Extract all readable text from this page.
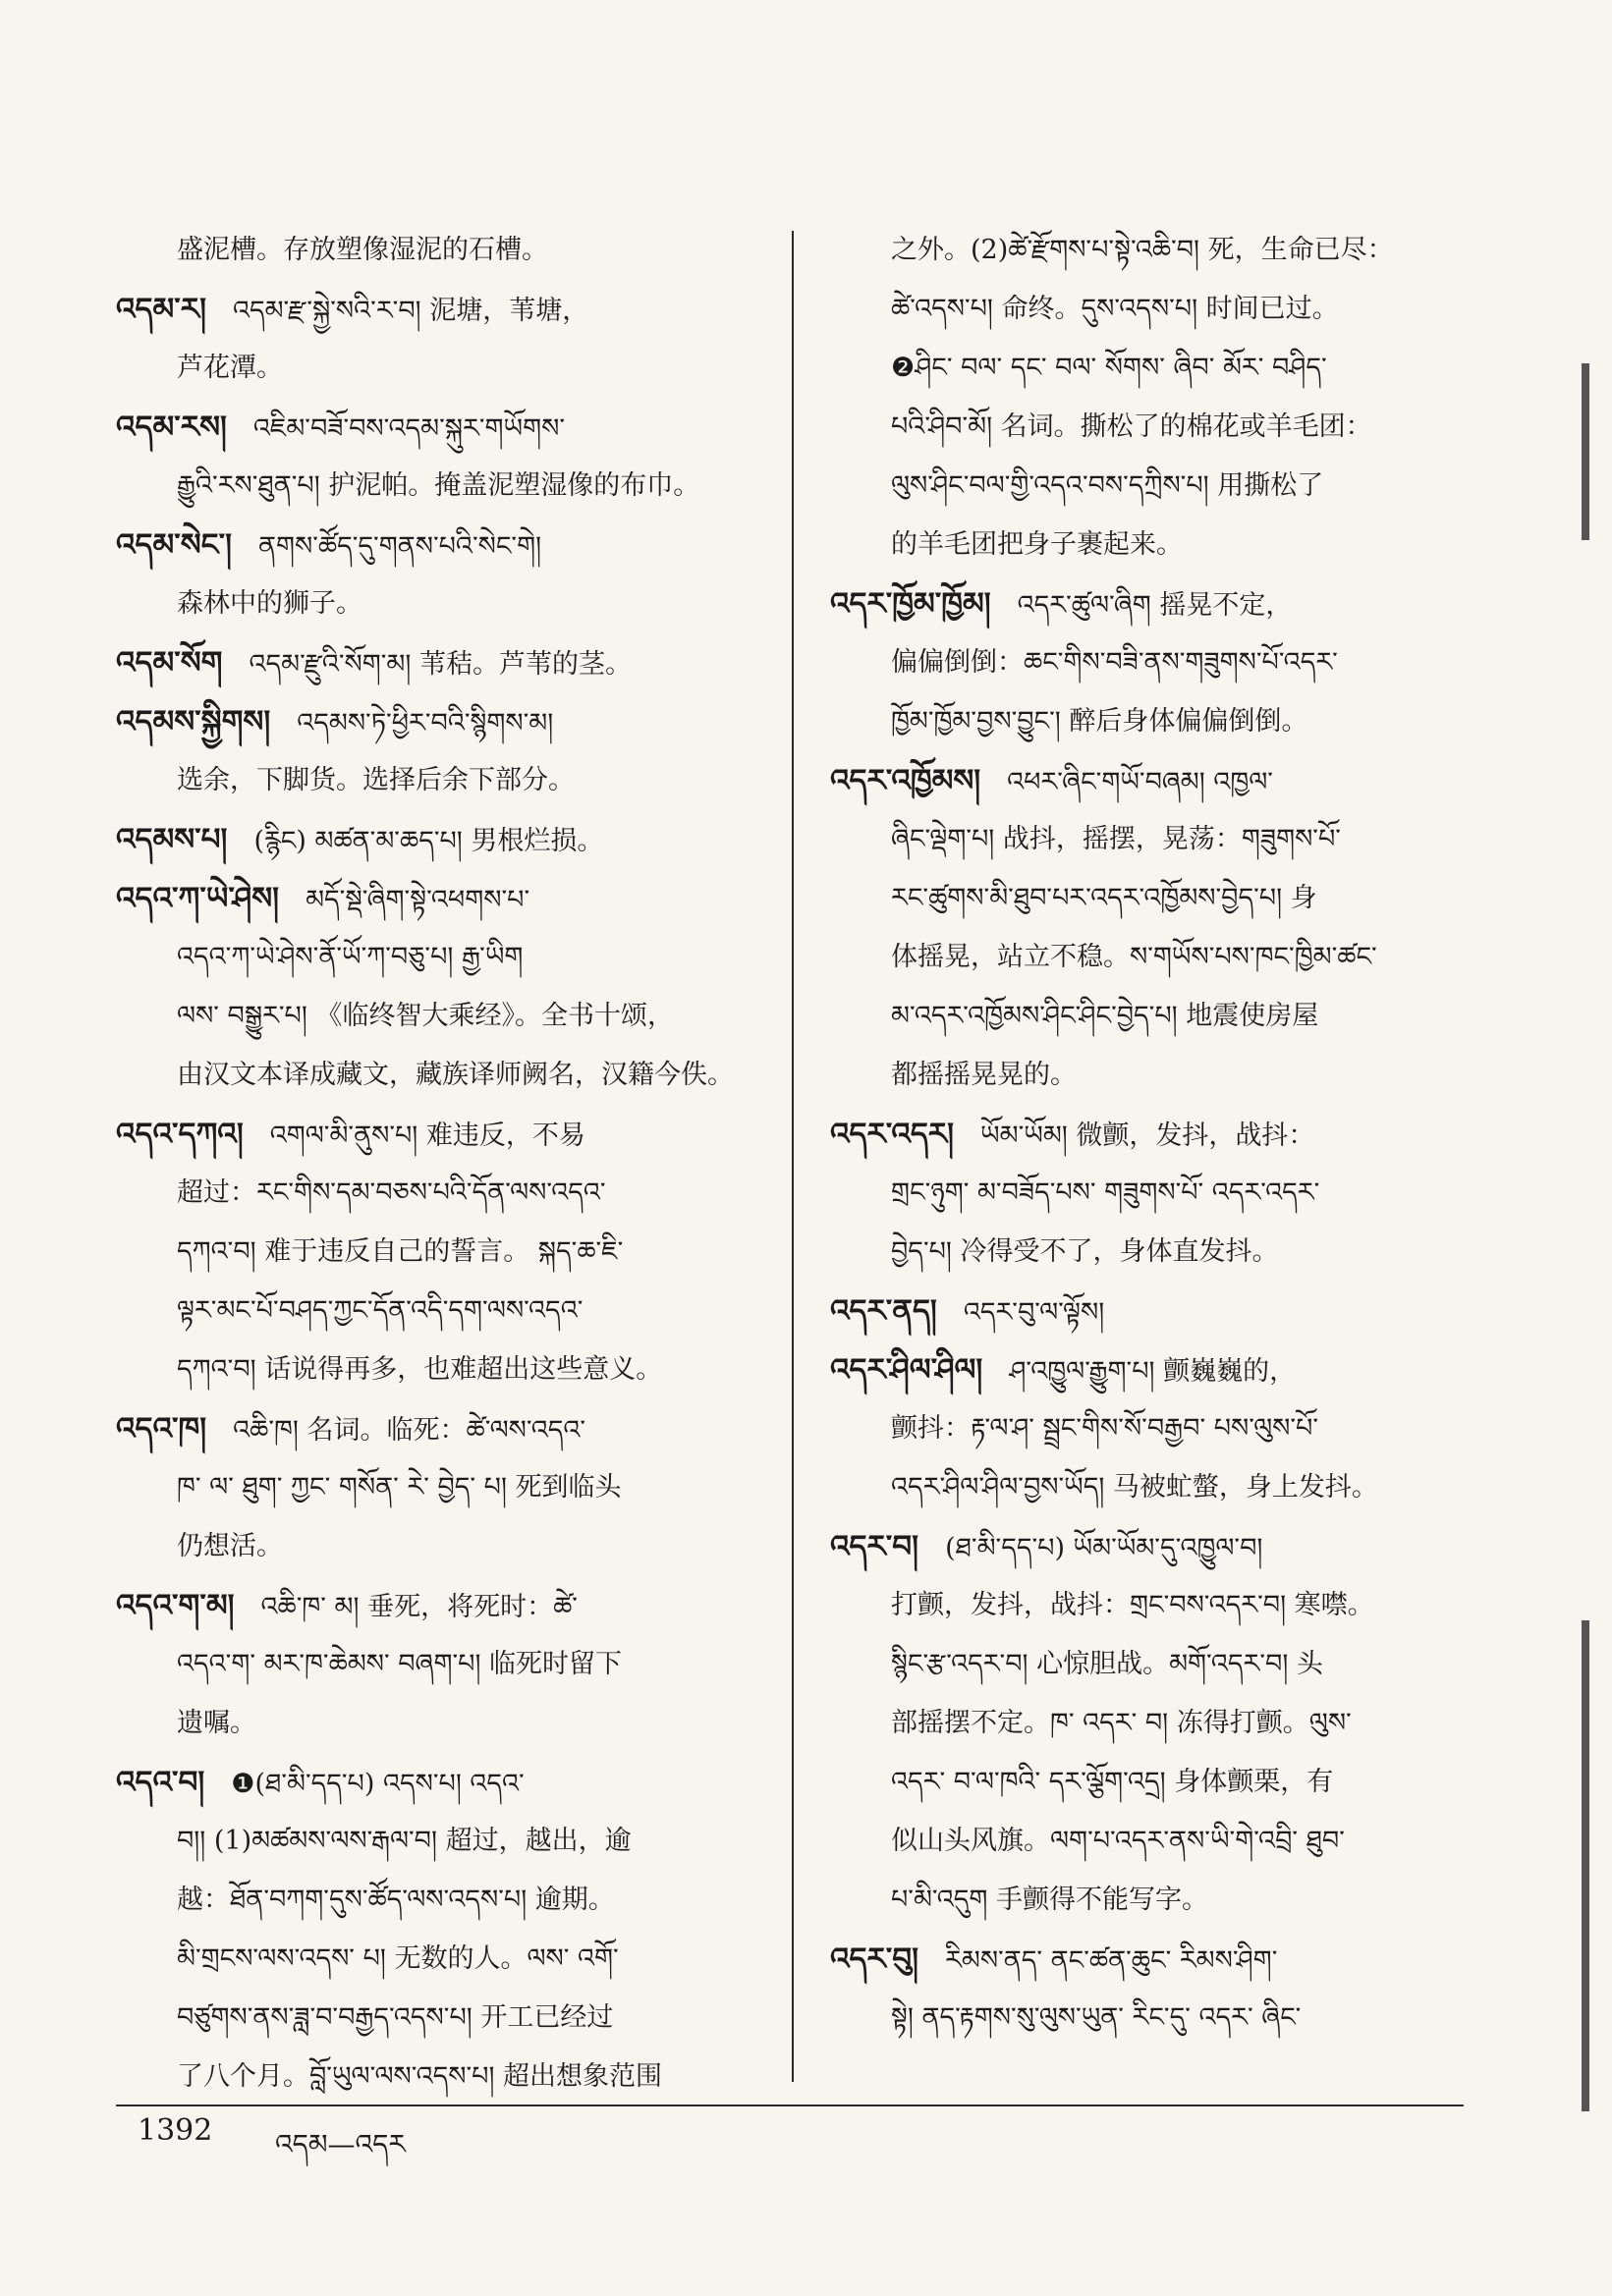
盛泥槽。存放塑像湿泥的石槽。
འདམ་ར།  འདམ་རྫ་སྐྱེ་སའི་ར་བ། 泥塘，苇塘，
芦花潭。
འདམ་རས།  འཇིམ་བཟོ་བས་འདམ་སྐུར་གཡོགས་
རྒྱུའི་རས་ཐུན་པ། 护泥帕。掩盖泥塑湿像的布巾。
འདམ་སེང་།  ནགས་ཚོད་དུ་གནས་པའི་སེང་གེ།
森林中的狮子。
འདམ་སོག  འདམ་རྫུའི་སོག་མ། 苇秸。芦苇的茎。
འདམས་སྐྱིགས།  འདམས་ཏེ་ཕྱིར་བའི་སྙིགས་མ།
选余，下脚货。选择后余下部分。
འདམས་པ།  (རྙིང) མཚན་མ་ཆད་པ། 男根烂损。
འདའ་ཀ་ཡེ་ཤེས།  མདོ་སྡེ་ཞིག་སྟེ་འཕགས་པ་
འདའ་ཀ་ཡེ་ཤེས་ནོ་ཡོ་ཀ་བཅུ་པ། རྒྱ་ཡིག
ལས་ བསྒྱུར་པ། 《临终智大乘经》。全书十颂，
由汉文本译成藏文，藏族译师阙名，汉籍今佚。
འདའ་དཀའ།  འགལ་མི་ནུས་པ། 难违反，不易
超过：རང་གིས་དམ་བཅས་པའི་དོན་ལས་འདའ་
དཀའ་བ། 难于违反自己的誓言。 སྐད་ཆ་ཇི་
ལྟར་མང་པོ་བཤད་ཀྱང་དོན་འདི་དག་ལས་འདའ་
དཀའ་བ། 话说得再多，也难超出这些意义。
འདའ་ཁ།  འཆི་ཁ། 名词。临死：ཚེ་ལས་འདའ་
ཁ་ ལ་ ཐུག་ ཀྱང་ གསོན་ རེ་ བྱེད་ པ། 死到临头
仍想活。
འདའ་ག་མ།  འཆི་ཁ་ མ། 垂死，将死时：ཚེ་
འདའ་ག་ མར་ཁ་ཆེམས་ བཞག་པ། 临死时留下
遗嘱。
འདའ་བ།  ❶(ཐ་མི་དད་པ) འདས་པ། འདའ་
བ།། (1)མཚམས་ལས་རྒལ་བ། 超过，越出，逾
越：ཐོན་བཀག་དུས་ཚོད་ལས་འདས་པ། 逾期。
མི་གྲངས་ལས་འདས་ པ། 无数的人。ལས་ འགོ་
བཙུགས་ནས་ཟླ་བ་བརྒྱད་འདས་པ། 开工已经过
了八个月。བློ་ཡུལ་ལས་འདས་པ། 超出想象范围
之外。(2)ཚེ་རྫོགས་པ་སྟེ་འཆི་བ། 死，生命已尽：
ཚེ་འདས་པ། 命终。དུས་འདས་པ། 时间已过。
❷ཤིང་ བལ་ དང་ བལ་ སོགས་ ཞིབ་ མོར་ བཤིད་
པའི་ཤིབ་མོ། 名词。撕松了的棉花或羊毛团：
ལུས་ཤིང་བལ་གྱི་འདའ་བས་དཀྲིས་པ། 用撕松了
的羊毛团把身子裹起来。
འདར་ཁྱོམ་ཁྱོམ།  འདར་ཚུལ་ཞིག 摇晃不定，
偏偏倒倒：ཆང་གིས་བཟི་ནས་གཟུགས་པོ་འདར་
ཁྱོམ་ཁྱོམ་བྱས་བྱུང་། 醉后身体偏偏倒倒。
འདར་འཁྱོམས།  འཕར་ཞིང་གཡོ་བཞམ། འཁྱལ་
ཞིང་ལྡེག་པ། 战抖，摇摆，晃荡：གཟུགས་པོ་
རང་ཚུགས་མི་ཐུབ་པར་འདར་འཁྱོམས་བྱེད་པ། 身
体摇晃，站立不稳。ས་གཡོས་པས་ཁང་ཁྱིམ་ཚང་
མ་འདར་འཁྱོམས་ཤིང་ཤིང་བྱེད་པ། 地震使房屋
都摇摇晃晃的。
འདར་འདར།  ཡོམ་ཡོམ། 微颤，发抖，战抖：
གྲང་ཉུག་ མ་བཟོད་པས་ གཟུགས་པོ་ འདར་འདར་
བྱེད་པ། 冷得受不了，身体直发抖。
འདར་ནད།  འདར་བུ་ལ་ལྟོས།
འདར་ཤིལ་ཤིལ།  ཤ་འཁྱུལ་རྒྱུག་པ། 颤巍巍的，
颤抖：རྟ་ལ་ཤ་ སྦྲང་གིས་སོ་བརྒྱབ་ པས་ལུས་པོ་
འདར་ཤིལ་ཤིལ་བྱས་ཡོད། 马被虻螫，身上发抖。
འདར་བ།  (ཐ་མི་དད་པ) ཡོམ་ཡོམ་དུ་འཁྱུལ་བ།
打颤，发抖，战抖：གྲང་བས་འདར་བ། 寒噤。
སྙིང་རྩ་འདར་བ། 心惊胆战。མགོ་འདར་བ། 头
部摇摆不定。ཁ་ འདར་ བ། 冻得打颤。ལུས་
འདར་ བ་ལ་ཁའི་ དར་ལྕོག་འདྲ། 身体颤栗，有
似山头风旗。ལག་པ་འདར་ནས་ཡི་གེ་འབྲི་ ཐུབ་
པ་མི་འདུག 手颤得不能写字。
འདར་བུ།  རིམས་ནད་ ནང་ཚན་ཆུང་ རིམས་ཤིག་
སྟེ། ནད་རྟགས་སུ་ལུས་ཡུན་ རིང་དུ་ འདར་ ཞིང་
1392 འདམ—འདར
